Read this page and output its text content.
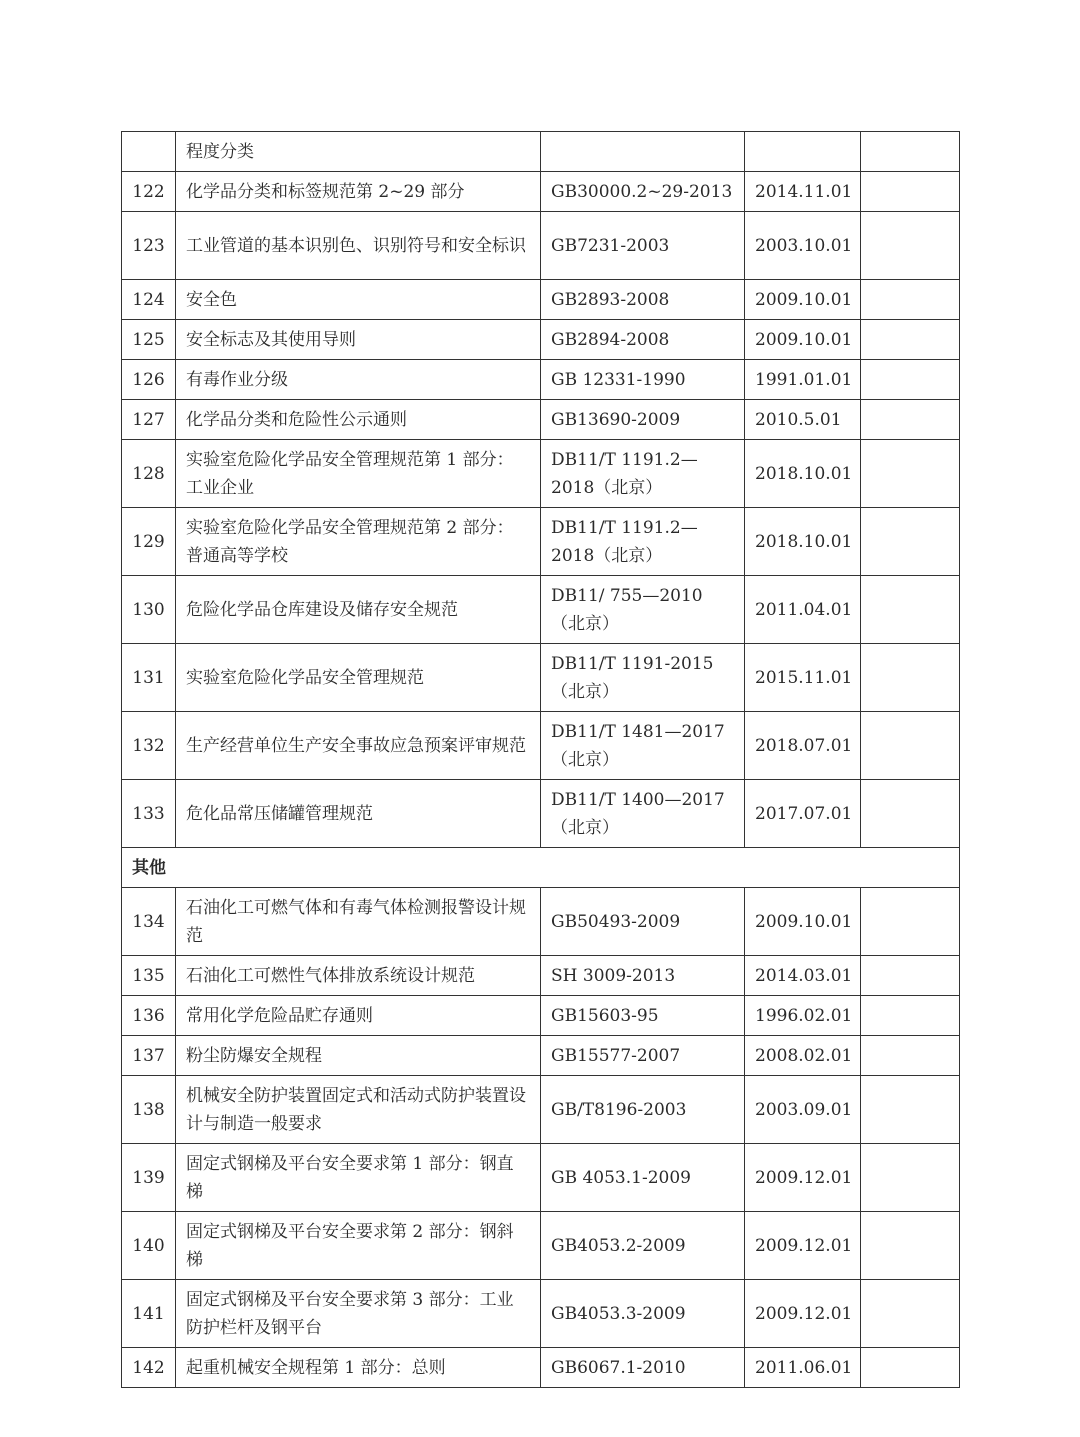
	程度分类			
122	化学品分类和标签规范第 2~29 部分	GB30000.2~29-2013	2014.11.01	
123	工业管道的基本识别色、识别符号和安全标识	GB7231-2003	2003.10.01	
124	安全色	GB2893-2008	2009.10.01	
125	安全标志及其使用导则	GB2894-2008	2009.10.01	
126	有毒作业分级	GB 12331-1990	1991.01.01	
127	化学品分类和危险性公示通则	GB13690-2009	2010.5.01	
128	实验室危险化学品安全管理规范第 1 部分：工业企业	DB11/T 1191.2—2018（北京）	2018.10.01	
129	实验室危险化学品安全管理规范第 2 部分：普通高等学校	DB11/T 1191.2—2018（北京）	2018.10.01	
130	危险化学品仓库建设及储存安全规范	DB11/ 755—2010（北京）	2011.04.01	
131	实验室危险化学品安全管理规范	DB11/T 1191-2015（北京）	2015.11.01	
132	生产经营单位生产安全事故应急预案评审规范	DB11/T 1481—2017（北京）	2018.07.01	
133	危化品常压储罐管理规范	DB11/T 1400—2017（北京）	2017.07.01	
其他				
134	石油化工可燃气体和有毒气体检测报警设计规范	GB50493-2009	2009.10.01	
135	石油化工可燃性气体排放系统设计规范	SH 3009-2013	2014.03.01	
136	常用化学危险品贮存通则	GB15603-95	1996.02.01	
137	粉尘防爆安全规程	GB15577-2007	2008.02.01	
138	机械安全防护装置固定式和活动式防护装置设计与制造一般要求	GB/T8196-2003	2003.09.01	
139	固定式钢梯及平台安全要求第 1 部分：钢直梯	GB 4053.1-2009	2009.12.01	
140	固定式钢梯及平台安全要求第 2 部分：钢斜梯	GB4053.2-2009	2009.12.01	
141	固定式钢梯及平台安全要求第 3 部分：工业防护栏杆及钢平台	GB4053.3-2009	2009.12.01	
142	起重机械安全规程第 1 部分：总则	GB6067.1-2010	2011.06.01	
